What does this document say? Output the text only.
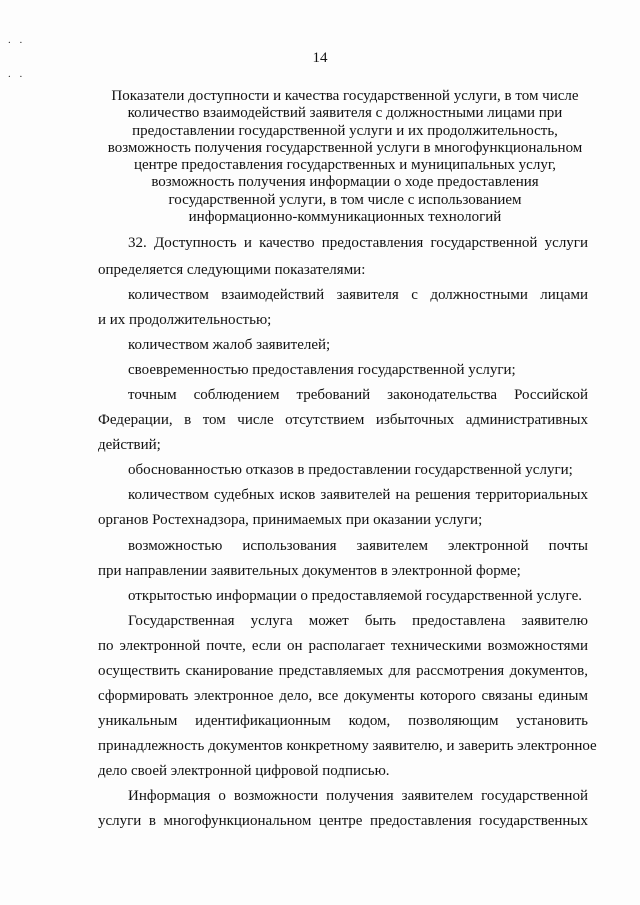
. .
. .
14
Показатели доступности и качества государственной услуги, в том числе
количество взаимодействий заявителя с должностными лицами при
предоставлении государственной услуги и их продолжительность,
возможность получения государственной услуги в многофункциональном
центре предоставления государственных и муниципальных услуг,
возможность получения информации о ходе предоставления
государственной услуги, в том числе с использованием
информационно-коммуникационных технологий
32. Доступность и качество предоставления государственной услуги
определяется следующими показателями:
количеством взаимодействий заявителя с должностными лицами
и их продолжительностью;
количеством жалоб заявителей;
своевременностью предоставления государственной услуги;
точным соблюдением требований законодательства Российской
Федерации, в том числе отсутствием избыточных административных
действий;
обоснованностью отказов в предоставлении государственной услуги;
количеством судебных исков заявителей на решения территориальных
органов Ростехнадзора, принимаемых при оказании услуги;
возможностью использования заявителем электронной почты
при направлении заявительных документов в электронной форме;
открытостью информации о предоставляемой государственной услуге.
Государственная услуга может быть предоставлена заявителю
по электронной почте, если он располагает техническими возможностями
осуществить сканирование представляемых для рассмотрения документов,
сформировать электронное дело, все документы которого связаны единым
уникальным идентификационным кодом, позволяющим установить
принадлежность документов конкретному заявителю, и заверить электронное
дело своей электронной цифровой подписью.
Информация о возможности получения заявителем государственной
услуги в многофункциональном центре предоставления государственных
